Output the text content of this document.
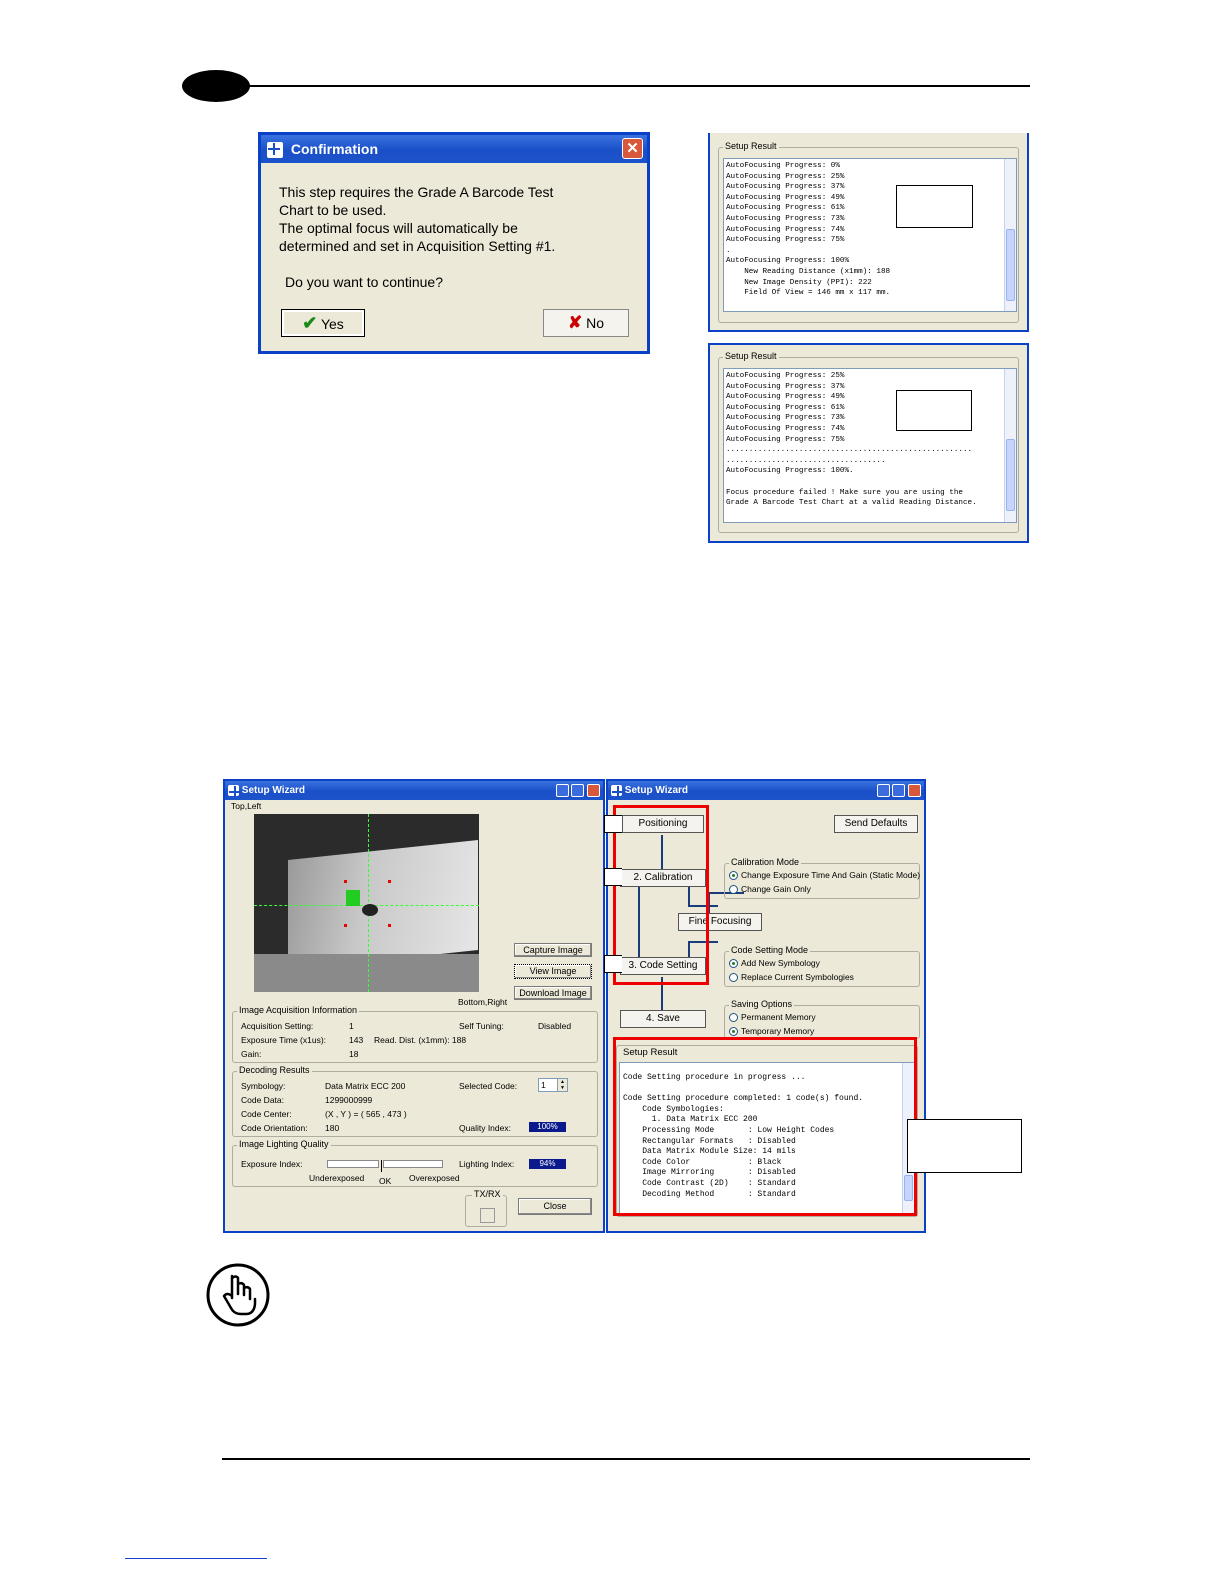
Confirmation	✕
This step requires the Grade A Barcode Test
Chart to be used.
The optimal focus will automatically be
determined and set in Acquisition Setting #1.
Do you want to continue?
✔ Yes	✘ No
Setup Result
AutoFocusing Progress: 0%
AutoFocusing Progress: 25%
AutoFocusing Progress: 37%
AutoFocusing Progress: 49%
AutoFocusing Progress: 61%
AutoFocusing Progress: 73%
AutoFocusing Progress: 74%
AutoFocusing Progress: 75%
.
AutoFocusing Progress: 100%
New Reading Distance (x1mm): 188
New Image Density (PPI): 222
Field Of View = 146 mm x 117 mm.
Setup Result
AutoFocusing Progress: 25%
AutoFocusing Progress: 37%
AutoFocusing Progress: 49%
AutoFocusing Progress: 61%
AutoFocusing Progress: 73%
AutoFocusing Progress: 74%
AutoFocusing Progress: 75%
......................................................
...................................
AutoFocusing Progress: 100%.

Focus procedure failed ! Make sure you are using the
Grade A Barcode Test Chart at a valid Reading Distance.
Setup Wizard
Top,Left
Bottom,Right
Capture Image
View Image
Download Image
Image Acquisition Information
Acquisition Setting:	1	Self Tuning:	Disabled
Exposure Time (x1us):	143 Read. Dist. (x1mm): 188
Gain:	18
Decoding Results
Symbology:	Data Matrix ECC 200	Selected Code:	1	▲
▼
Code Data:	1299000999
Code Center:	(X , Y ) = ( 565 , 473 )
Code Orientation: 180	Quality Index:	100%
Image Lighting Quality
Exposure Index:
Underexposed OK Overexposed
Lighting Index:	94%
TX/RX
Close
Setup Wizard
Positioning	Send Defaults
2. Calibration
Fine Focusing
3. Code Setting
4. Save
Calibration Mode
Change Exposure Time And Gain (Static Mode)
Change Gain Only
Code Setting Mode
Add New Symbology
Replace Current Symbologies
Saving Options
Permanent Memory
Temporary Memory
Setup Result
Code Setting procedure in progress ...

Code Setting procedure completed: 1 code(s) found.
Code Symbologies:
1. Data Matrix ECC 200
Processing Mode       : Low Height Codes
Rectangular Formats   : Disabled
Data Matrix Module Size: 14 mils
Code Color            : Black
Image Mirroring       : Disabled
Code Contrast (2D)    : Standard
Decoding Method       : Standard
